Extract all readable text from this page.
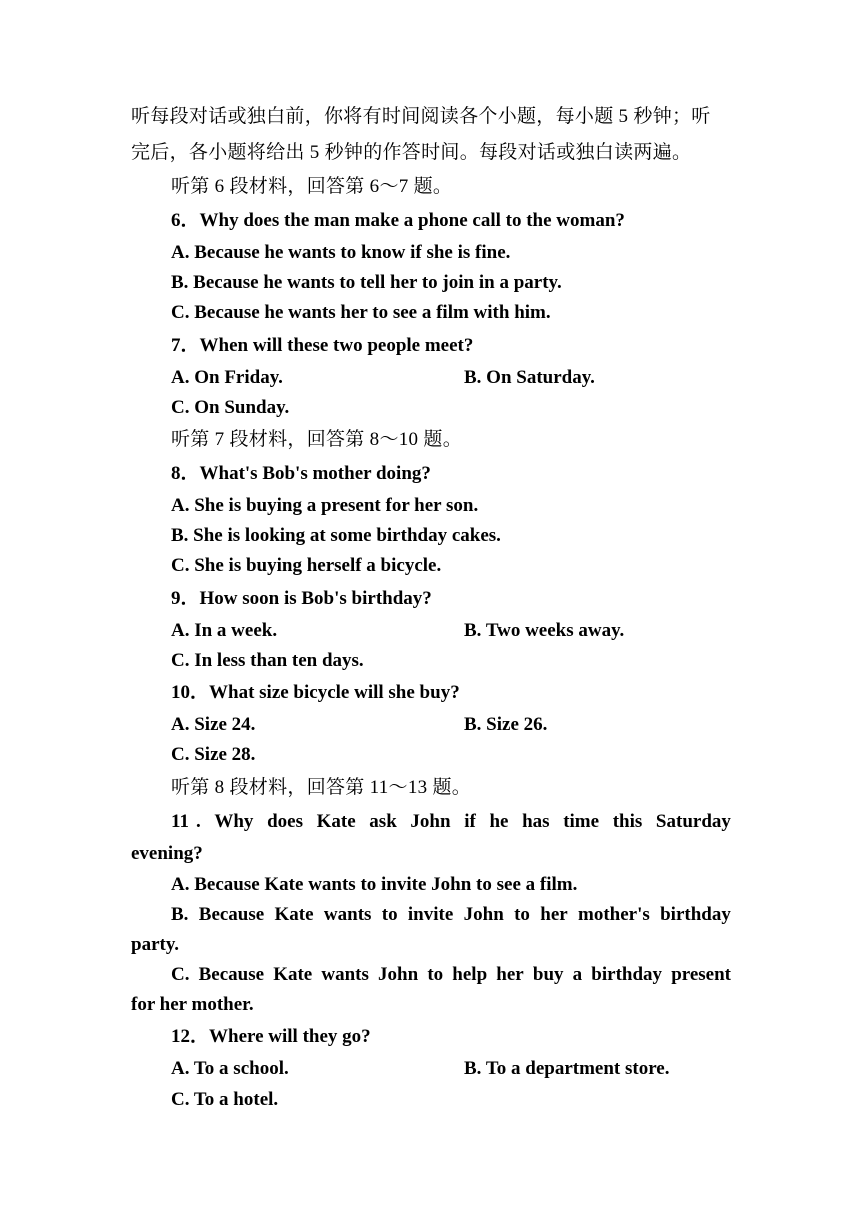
听每段对话或独白前，你将有时间阅读各个小题，每小题 5 秒钟；听
完后，各小题将给出 5 秒钟的作答时间。每段对话或独白读两遍。
听第 6 段材料，回答第 6～7 题。
6．Why does the man make a phone call to the woman?
A. Because he wants to know if she is fine.
B. Because he wants to tell her to join in a party.
C. Because he wants her to see a film with him.
7．When will these two people meet?
A. On Friday.	B. On Saturday.
C. On Sunday.
听第 7 段材料，回答第 8～10 题。
8．What's Bob's mother doing?
A. She is buying a present for her son.
B. She is looking at some birthday cakes.
C. She is buying herself a bicycle.
9．How soon is Bob's birthday?
A. In a week.	B. Two weeks away.
C. In less than ten days.
10．What size bicycle will she buy?
A. Size 24.	B. Size 26.
C. Size 28.
听第 8 段材料，回答第 11～13 题。
11 . Why does Kate ask John if he has time this Saturday
evening?
A. Because Kate wants to invite John to see a film.
B. Because Kate wants to invite John to her mother's birthday
party.
C. Because Kate wants John to help her buy a birthday present
for her mother.
12．Where will they go?
A. To a school.	B. To a department store.
C. To a hotel.
